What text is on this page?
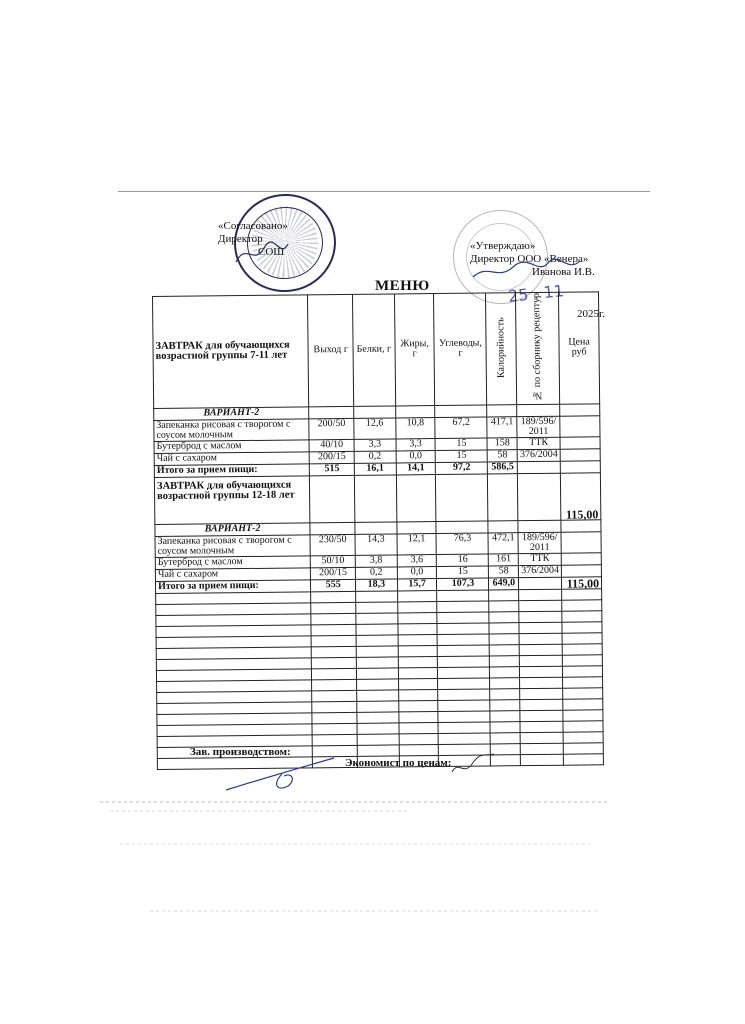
«Согласовано»
Директор
СОШ	«Утверждаю»
Директор ООО «Венера»
Иванова И.В.
МЕНЮ	25 . 11
2025г.
ЗАВТРАК для обучающихся возрастной группы 7-11 лет	Выход г	Белки, г	Жиры, г	Углеводы, г	Калорийность	№ по сборнику рецептур	Цена руб
ВАРИАНТ-2							
Запеканка рисовая с творогом с соусом молочным	200/50	12,6	10,8	67,2	417,1	189/596/ 2011	
Бутерброд с маслом	40/10	3,3	3,3	15	158	ТТК	
Чай с сахаром	200/15	0,2	0,0	15	58	376/2004	
Итого за прием пищи:	515	16,1	14,1	97,2	586,5		
ЗАВТРАК для обучающихся возрастной группы 12-18 лет							115,00
ВАРИАНТ-2							
Запеканка рисовая с творогом с соусом молочным	230/50	14,3	12,1	76,3	472,1	189/596/ 2011	
Бутерброд с маслом	50/10	3,8	3,6	16	161	ТТК	
Чай с сахаром	200/15	0,2	0,0	15	58	376/2004	
Итого за прием пищи:	555	18,3	15,7	107,3	649,0		115,00

Зав. производством:
Экономист по ценам:
